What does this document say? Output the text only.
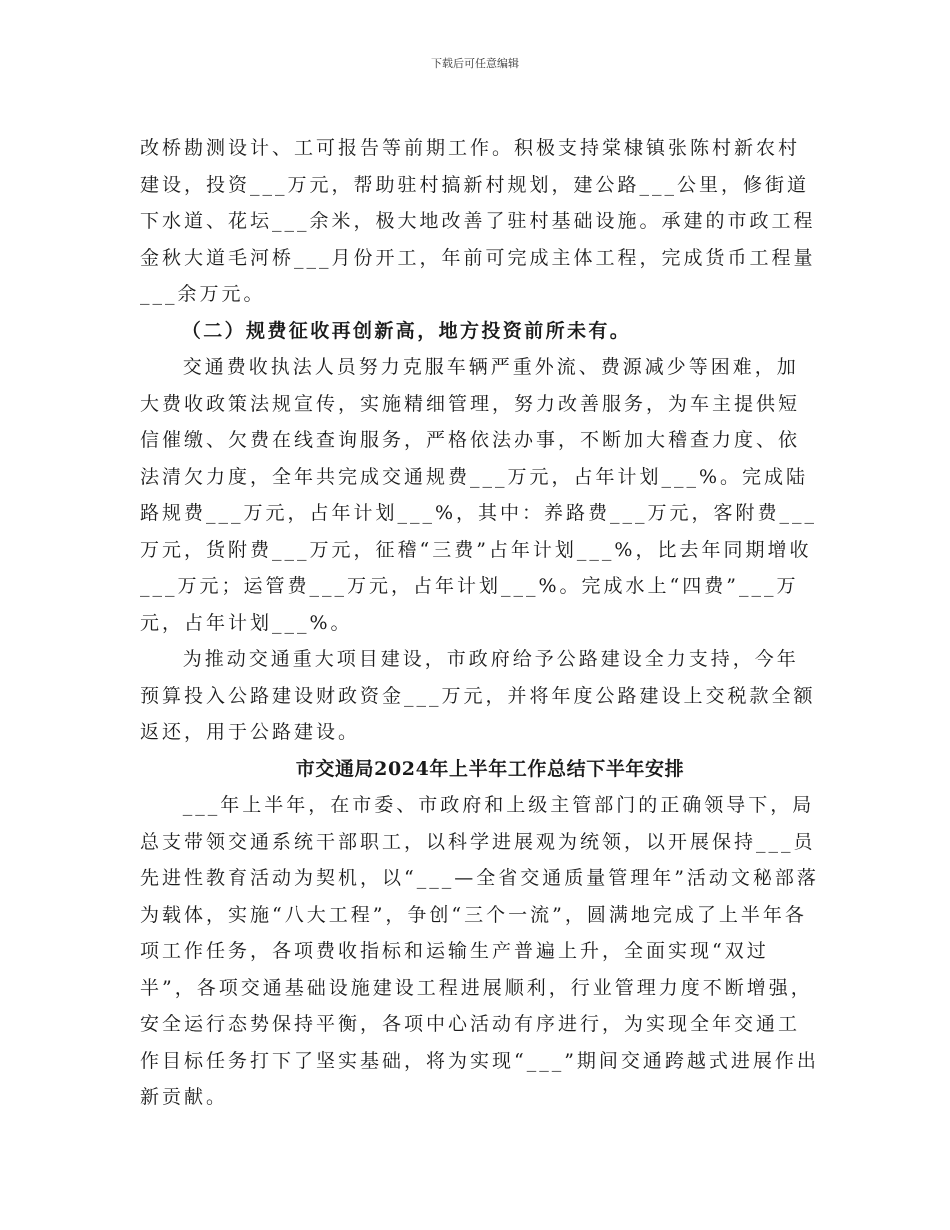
下载后可任意编辑

改桥勘测设计、工可报告等前期工作。积极支持棠棣镇张陈村新农村建设，投资___万元，帮助驻村搞新村规划，建公路___公里，修街道下水道、花坛___余米，极大地改善了驻村基础设施。承建的市政工程金秋大道毛河桥___月份开工，年前可完成主体工程，完成货币工程量___余万元。

（二）规费征收再创新高，地方投资前所未有。

交通费收执法人员努力克服车辆严重外流、费源减少等困难，加大费收政策法规宣传，实施精细管理，努力改善服务，为车主提供短信催缴、欠费在线查询服务，严格依法办事，不断加大稽查力度、依法清欠力度，全年共完成交通规费___万元，占年计划___%。完成陆路规费___万元，占年计划___%，其中：养路费___万元，客附费___万元，货附费___万元，征稽“三费”占年计划___%，比去年同期增收___万元；运管费___万元，占年计划___%。完成水上“四费”___万元，占年计划___%。

为推动交通重大项目建设，市政府给予公路建设全力支持，今年预算投入公路建设财政资金___万元，并将年度公路建设上交税款全额返还，用于公路建设。

市交通局2024年上半年工作总结下半年安排

___年上半年，在市委、市政府和上级主管部门的正确领导下，局总支带领交通系统干部职工，以科学进展观为统领，以开展保持___员先进性教育活动为契机，以“___—全省交通质量管理年”活动文秘部落为载体，实施“八大工程”，争创“三个一流”，圆满地完成了上半年各项工作任务，各项费收指标和运输生产普遍上升，全面实现“双过半”，各项交通基础设施建设工程进展顺利，行业管理力度不断增强，安全运行态势保持平衡，各项中心活动有序进行，为实现全年交通工作目标任务打下了坚实基础，将为实现“___”期间交通跨越式进展作出新贡献。
